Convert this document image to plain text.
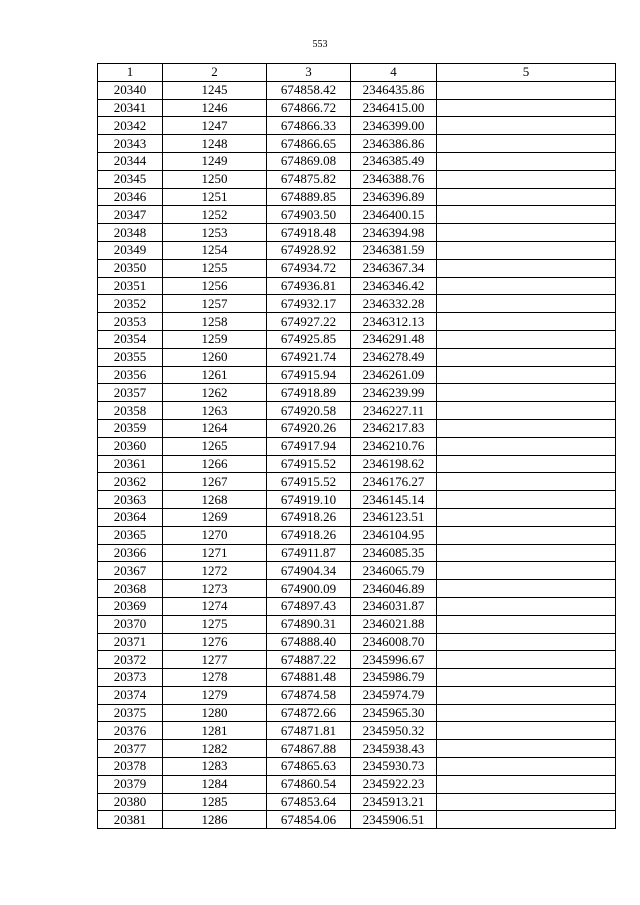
553
1	2	3	4	5
20340	1245	674858.42	2346435.86	
20341	1246	674866.72	2346415.00	
20342	1247	674866.33	2346399.00	
20343	1248	674866.65	2346386.86	
20344	1249	674869.08	2346385.49	
20345	1250	674875.82	2346388.76	
20346	1251	674889.85	2346396.89	
20347	1252	674903.50	2346400.15	
20348	1253	674918.48	2346394.98	
20349	1254	674928.92	2346381.59	
20350	1255	674934.72	2346367.34	
20351	1256	674936.81	2346346.42	
20352	1257	674932.17	2346332.28	
20353	1258	674927.22	2346312.13	
20354	1259	674925.85	2346291.48	
20355	1260	674921.74	2346278.49	
20356	1261	674915.94	2346261.09	
20357	1262	674918.89	2346239.99	
20358	1263	674920.58	2346227.11	
20359	1264	674920.26	2346217.83	
20360	1265	674917.94	2346210.76	
20361	1266	674915.52	2346198.62	
20362	1267	674915.52	2346176.27	
20363	1268	674919.10	2346145.14	
20364	1269	674918.26	2346123.51	
20365	1270	674918.26	2346104.95	
20366	1271	674911.87	2346085.35	
20367	1272	674904.34	2346065.79	
20368	1273	674900.09	2346046.89	
20369	1274	674897.43	2346031.87	
20370	1275	674890.31	2346021.88	
20371	1276	674888.40	2346008.70	
20372	1277	674887.22	2345996.67	
20373	1278	674881.48	2345986.79	
20374	1279	674874.58	2345974.79	
20375	1280	674872.66	2345965.30	
20376	1281	674871.81	2345950.32	
20377	1282	674867.88	2345938.43	
20378	1283	674865.63	2345930.73	
20379	1284	674860.54	2345922.23	
20380	1285	674853.64	2345913.21	
20381	1286	674854.06	2345906.51	
